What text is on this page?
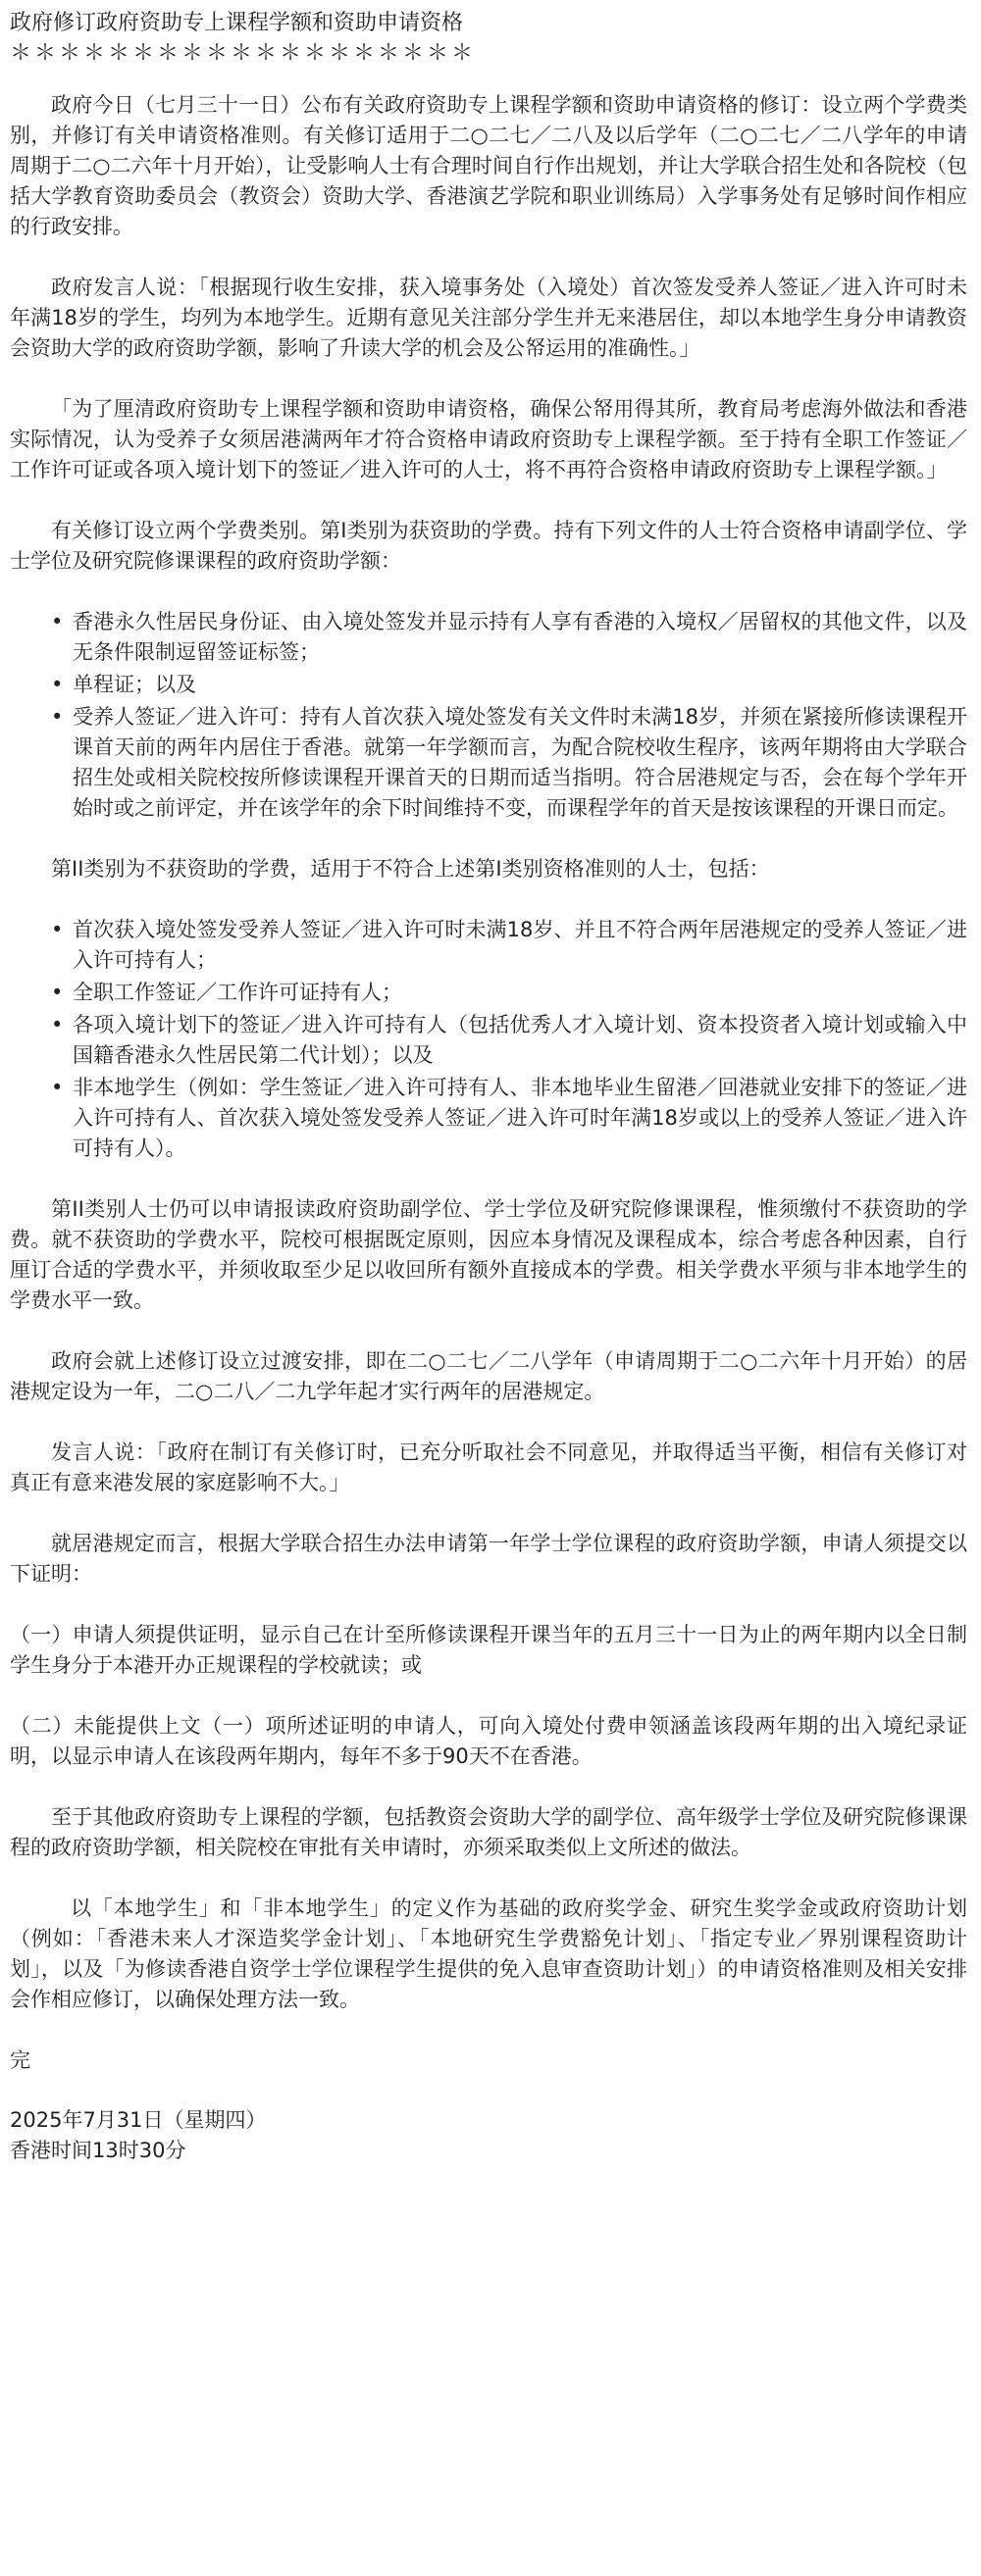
政府修订政府资助专上课程学额和资助申请资格
＊＊＊＊＊＊＊＊＊＊＊＊＊＊＊＊＊＊＊

政府今日（七月三十一日）公布有关政府资助专上课程学额和资助申请资格的修订：设立两个学费类别，并修订有关申请资格准则。有关修订适用于二○二七／二八及以后学年（二○二七／二八学年的申请周期于二○二六年十月开始），让受影响人士有合理时间自行作出规划，并让大学联合招生处和各院校（包括大学教育资助委员会（教资会）资助大学、香港演艺学院和职业训练局）入学事务处有足够时间作相应的行政安排。

政府发言人说：「根据现行收生安排，获入境事务处（入境处）首次签发受养人签证／进入许可时未年满18岁的学生，均列为本地学生。近期有意见关注部分学生并无来港居住，却以本地学生身分申请教资会资助大学的政府资助学额，影响了升读大学的机会及公帑运用的准确性。」

「为了厘清政府资助专上课程学额和资助申请资格，确保公帑用得其所，教育局考虑海外做法和香港实际情况，认为受养子女须居港满两年才符合资格申请政府资助专上课程学额。至于持有全职工作签证／工作许可证或各项入境计划下的签证／进入许可的人士，将不再符合资格申请政府资助专上课程学额。」

有关修订设立两个学费类别。第I类别为获资助的学费。持有下列文件的人士符合资格申请副学位、学士学位及研究院修课课程的政府资助学额：

• 香港永久性居民身份证、由入境处签发并显示持有人享有香港的入境权／居留权的其他文件，以及无条件限制逗留签证标签；
• 单程证；以及
• 受养人签证／进入许可：持有人首次获入境处签发有关文件时未满18岁，并须在紧接所修读课程开课首天前的两年内居住于香港。就第一年学额而言，为配合院校收生程序，该两年期将由大学联合招生处或相关院校按所修读课程开课首天的日期而适当指明。符合居港规定与否，会在每个学年开始时或之前评定，并在该学年的余下时间维持不变，而课程学年的首天是按该课程的开课日而定。

第II类别为不获资助的学费，适用于不符合上述第I类别资格准则的人士，包括：

• 首次获入境处签发受养人签证／进入许可时未满18岁、并且不符合两年居港规定的受养人签证／进入许可持有人；
• 全职工作签证／工作许可证持有人；
• 各项入境计划下的签证／进入许可持有人（包括优秀人才入境计划、资本投资者入境计划或输入中国籍香港永久性居民第二代计划）；以及
• 非本地学生（例如：学生签证／进入许可持有人、非本地毕业生留港／回港就业安排下的签证／进入许可持有人、首次获入境处签发受养人签证／进入许可时年满18岁或以上的受养人签证／进入许可持有人）。

第II类别人士仍可以申请报读政府资助副学位、学士学位及研究院修课课程，惟须缴付不获资助的学费。就不获资助的学费水平，院校可根据既定原则，因应本身情况及课程成本，综合考虑各种因素，自行厘订合适的学费水平，并须收取至少足以收回所有额外直接成本的学费。相关学费水平须与非本地学生的学费水平一致。

政府会就上述修订设立过渡安排，即在二○二七／二八学年（申请周期于二○二六年十月开始）的居港规定设为一年，二○二八／二九学年起才实行两年的居港规定。

发言人说：「政府在制订有关修订时，已充分听取社会不同意见，并取得适当平衡，相信有关修订对真正有意来港发展的家庭影响不大。」

就居港规定而言，根据大学联合招生办法申请第一年学士学位课程的政府资助学额，申请人须提交以下证明：

（一）申请人须提供证明，显示自己在计至所修读课程开课当年的五月三十一日为止的两年期内以全日制学生身分于本港开办正规课程的学校就读；或

（二）未能提供上文（一）项所述证明的申请人，可向入境处付费申领涵盖该段两年期的出入境纪录证明，以显示申请人在该段两年期内，每年不多于90天不在香港。

至于其他政府资助专上课程的学额，包括教资会资助大学的副学位、高年级学士学位及研究院修课课程的政府资助学额，相关院校在审批有关申请时，亦须采取类似上文所述的做法。

以「本地学生」和「非本地学生」的定义作为基础的政府奖学金、研究生奖学金或政府资助计划（例如：「香港未来人才深造奖学金计划」、「本地研究生学费豁免计划」、「指定专业／界别课程资助计划」，以及「为修读香港自资学士学位课程学生提供的免入息审查资助计划」）的申请资格准则及相关安排会作相应修订，以确保处理方法一致。

完
2025年7月31日（星期四）
香港时间13时30分
